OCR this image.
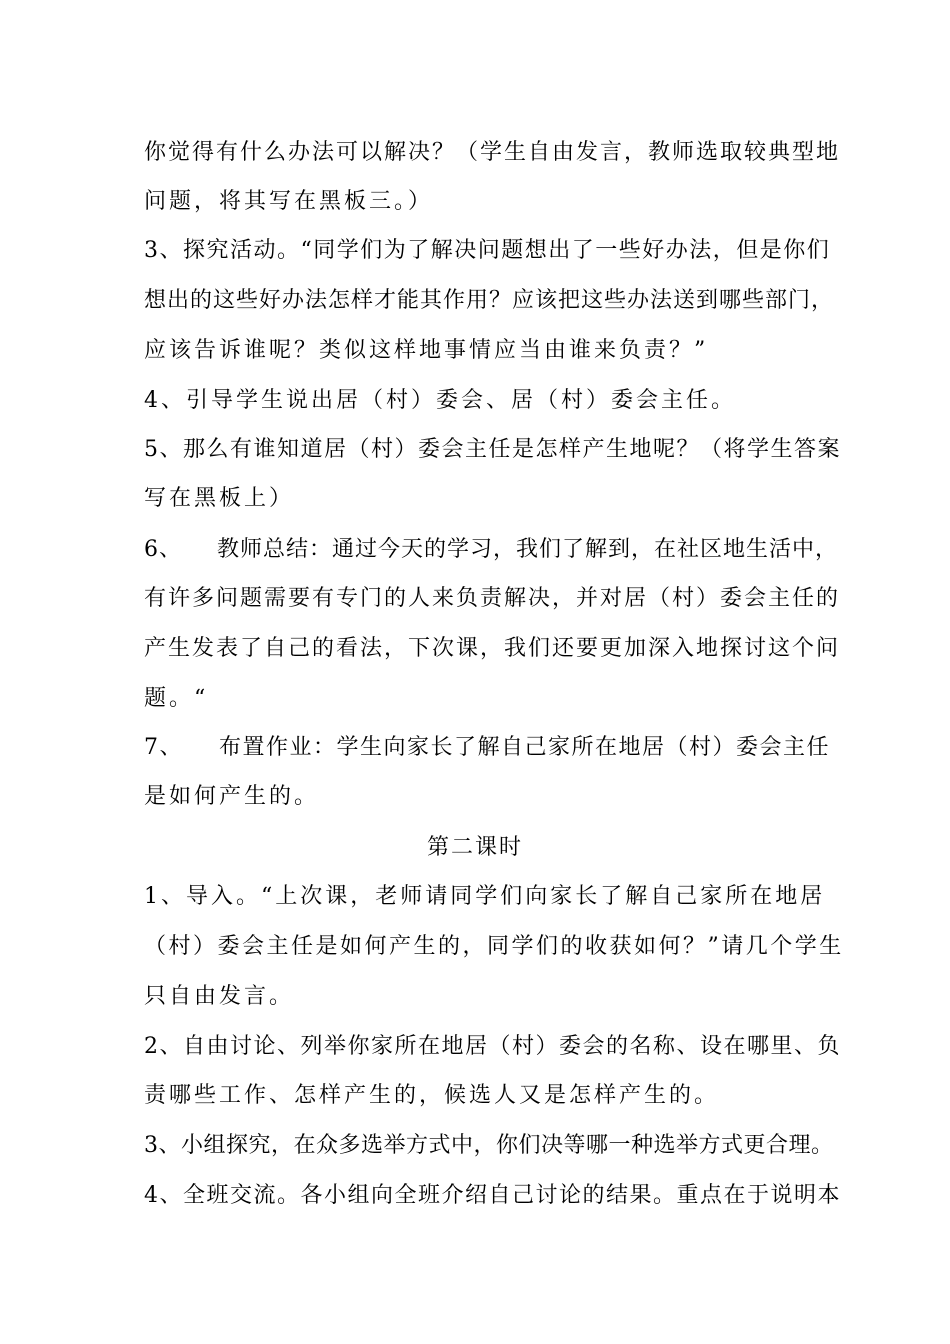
你觉得有什么办法可以解决？（学生自由发言，教师选取较典型地
问题，将其写在黑板三。）
3、探究活动。“同学们为了解决问题想出了一些好办法，但是你们
想出的这些好办法怎样才能其作用？应该把这些办法送到哪些部门，
应该告诉谁呢？类似这样地事情应当由谁来负责？”
4、引导学生说出居（村）委会、居（村）委会主任。
5、那么有谁知道居（村）委会主任是怎样产生地呢？（将学生答案
写在黑板上）
6、　　教师总结：通过今天的学习，我们了解到，在社区地生活中，
有许多问题需要有专门的人来负责解决，并对居（村）委会主任的
产生发表了自己的看法，下次课，我们还要更加深入地探讨这个问
题。“
7、　　布置作业：学生向家长了解自己家所在地居（村）委会主任
是如何产生的。
第二课时
1、导入。“上次课，老师请同学们向家长了解自己家所在地居
（村）委会主任是如何产生的，同学们的收获如何？”请几个学生
只自由发言。
2、自由讨论、列举你家所在地居（村）委会的名称、设在哪里、负
责哪些工作、怎样产生的，候选人又是怎样产生的。
3、小组探究，在众多选举方式中，你们决等哪一种选举方式更合理。
4、全班交流。各小组向全班介绍自己讨论的结果。重点在于说明本
